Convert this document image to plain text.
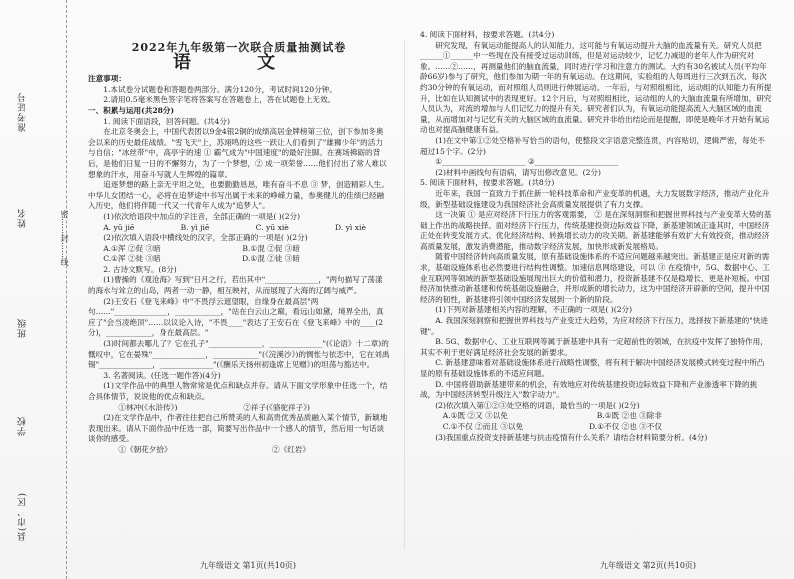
准考证号
姓名
班级
学校
县(市、区)
密……封……线
2022年九年级第一次联合质量抽测试卷
语 文

注意事项：

1.本试卷分试题卷和答题卷两部分。满分120分，考试时间120分钟。

2.请用0.5毫米黑色签字笔将答案写在答题卷上，答在试题卷上无效。

一、积累与运用(共28分)

1. 阅读下面语段，回答问题。(共4分)

在北京冬奥会上，中国代表团以9金4银2铜的成绩高居金牌榜第三位，创下参加冬奥会以来的历史最佳战绩。"雪飞天"上，苏翊鸣的这些一跃让人们看到了"雄狮少年"的活力与自信；"冰丝带"中，高亭宇的速 ① 霸气成为"中国速度"的最好注脚。在赛场拂砺的背后，是他们日复一日的不懈努力，为了一个梦想，② 成一项荣誉……他们付出了常人难以想象的汗水，用奋斗写就人生辉煌的篇章。

追逐梦想的路上亲无平坦之处，也要勤勤恳恳，唯有奋斗不息 ③ 梦，创造精彩人生。中华儿女团结一心，必将在追梦途中书写出属于未来的峥嵘力量，参奥健儿的佳绩已经融入历史，他们将伴随一代又一代青年人成为"追梦人"。

(1)依次给语段中加点的字注音，全部正确的一项是( )(2分)

A. yū jiē	B. yì jiē	C. yū xiè	D. yì xiè

(2)依次填入语段中横线处的汉字，全部正确的一项是( )(2分)

A.①浑 ②促 ③暗	B.①混 ②促 ③暗
C.①浑 ②徙 ③暗	D.①混 ②徒 ③暗

2. 古诗文默写。(8分)

(1)曹操的《观沧海》写到"日月之行，若出其中"______________，"两句描写了荡漾的海水与耸立的山岛，两者一动一静，相互映衬，从而展现了大海的辽阔与威严。

(2)王安石《登飞来峰》中"不畏浮云遮望眼，自缘身在最高层"两句……"______________，____________，"站在白云山之巅，看远山如黛，境界全出，真应了"会当凌绝顶"……以议论入诗，"不畏____"表达了王安石在《登飞来峰》中的____(2分)，____________，身在最高层。"

(3)时间都去哪儿了？它在孔子"______________，______________"(《论语》十二章)的慨叹中，它在晏殊"______________，____________"(《浣溪沙》)的惆怅与依恋中，它在刘禹锡"______________，______________"(《酬乐天扬州初逢席上见赠》)的坦荡与豁达中。

3. 名著阅读。(任选一题作答)(4分)

(1)文学作品中的典型人物常常是优点和缺点并存。请从下面文学形象中任选一个，结合具体情节，说说他的优点和缺点。

①林冲(《水浒传》)	②祥子(《骆驼祥子》)

(2)在文学作品中，作者往往把自己所赞美的人和高贵优秀品质融入某个情节，新颖地表现出来。请从下面作品中任选一部，简要写出作品中一个感人的情节，然后用一句话谈谈你的感受。

①《朝花夕拾》	②《红岩》

4. 阅读下面材料，按要求答题。(共4分)

研究发现，有氧运动能提高人的认知能力，这可能与有氧运动提升大脑的血流量有关。研究人员把______①______中一些现在没有接受过运动训练，但是对运动较少，记忆力减退的老年人作为研究对象。……②……，再测量他们的脑血流量，同时进行学习和注意力的测试。大约有30名被试人员(平均年龄66岁)参与了研究，他们参加为期一年的有氧运动。在这期间，实验组的人每周进行三次到五次、每次约30分钟的有氧运动，而对照组人员则进行伸展运动。一年后，与对照组相比，运动组的认知能力有所提升，比如在认知测试中的表现更好。12个月后，与对照组相比，运动组的人的大脑血流量有所增加，研究人员认为，对流的增加与人们记忆力的提升有关。研究者们认为，有氧运动能提高流入大脑区域的血流量，从而增加对与记忆有关的大脑区域的血流量。研究并非给出结论而是提醒，即使是晚年才开始有氧运动也对提高脑健康有益。

(1)在文中第①②处空格补写恰当的语句，使整段文字语意完整连贯，内容贴切，逻辑严密，每处不超过15个字。(2分)

①______________________ ②______________________

(2)材料中画线句有语病，请写出修改意见。(2分)

5. 阅读下面材料，按要求答题。(共8分)

近年来，我国一直致力于抓住新一轮科技革命和产业变革的机遇，大力发展数字经济，推动产业化升级，新型基础设施建设为我国经济社会高质量发展提供了有力支撑。

这一决策 ① 是应对经济下行压力的客观需要， ② 是在深刻洞察和把握世界科技与产业变革大势的基础上作出的战略抉择。面对经济下行压力，传统基建投资边际效益下降，新基建领域正逢其时，中国经济正处在转变发展方式、优化经济结构、转换增长动力的攻关期。新基建能够有效扩大有效投资，推动经济高质量发展，激发消费潜能，推动数字经济发展，加快形成新发展格局。

随着中国经济转向高质量发展，原有基础设施体系的不适应问题越来越突出。新基建正是应对新的需求，基础设施体系也必然要进行结构性调整。加速信息网络建设，可以 ③ 在疫情中，5G、数据中心、工业互联网等领域的新型基础设施展现出巨大的价值和潜力，投资新基建不仅是稳增长、更是补短板。中国经济加快推动新基建和传统基础设施融合，并形成新的增长动力，这为中国经济开辟新的空间，提升中国经济的韧性，新基建将引领中国经济发展到一个新的阶段。

(1)下列对新基建相关内容的理解，不正确的一项是( )(2分)

A. 我国深刻洞察和把握世界科技与产业变迁大趋势，为应对经济下行压力，选择按下新基建的"快进键"。

B. 5G、数据中心、工业互联网等属于新基建中具有一定超前性的领域，在抗疫中发挥了独特作用，其实不利于更好满足经济社会发展的新要求。

C. 新基建意味着对基础设施体系进行战略性调整，将有利于解决中国经济发展模式转变过程中所凸显的原有基础设施体系的不适应问题。

D. 中国将借助新基建带来的机会，有效地应对传统基建投资边际效益下降和产业渗透率下降的挑战，为中国经济转型升级注入"数字动力"。

(2)依次填入第①②③处空格的词语，最恰当的一项是( )(2分)

A.①既 ②又 ③以免	B.①既 ②也 ③除非
C.①不仅 ②而且 ③以免	D.①不仅 ②也 ③不仅

(3)我国重点投资支持新基建与抗击疫情有什么关系？请结合材料简要分析。(4分)

九年级语文 第1页(共10页)	九年级语文 第2页(共10页)
